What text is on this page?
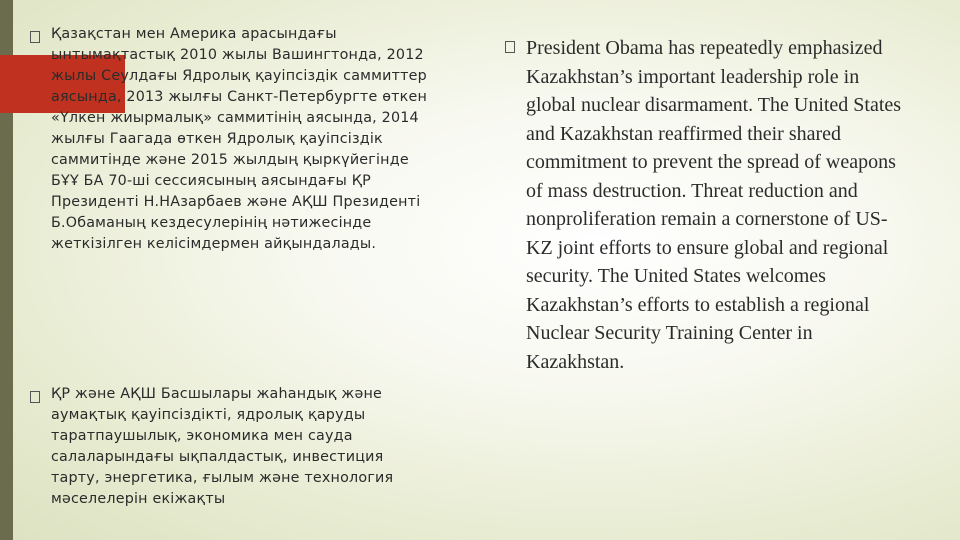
Қазақстан мен Америка арасындағы ынтымақтастық 2010 жылы Вашингтонда, 2012 жылы Сеулдағы Ядролық қауіпсіздік саммиттер аясында, 2013 жылғы Санкт-Петербургте өткен «Үлкен жиырмалық» саммитінің аясында, 2014 жылғы Гаагада өткен Ядролық қауіпсіздік саммитінде және 2015 жылдың қыркүйегінде БҰҰ БА 70-ші сессиясының аясындағы ҚР Президенті Н.НАзарбаев және АҚШ Президенті Б.Обаманың кездесулерінің нәтижесінде жеткізілген келісімдермен айқындалады.
ҚР және АҚШ Басшылары жаһандық және аумақтық қауіпсіздікті, ядролық қаруды таратпаушылық, экономика мен сауда салаларындағы ықпалдастық, инвестиция тарту, энергетика, ғылым және технология мәселелерін екіжақты
President Obama has repeatedly emphasized Kazakhstan’s important leadership role in global nuclear disarmament. The United States and Kazakhstan reaffirmed their shared commitment to prevent the spread of weapons of mass destruction. Threat reduction and nonproliferation remain a cornerstone of US-KZ joint efforts to ensure global and regional security. The United States welcomes Kazakhstan’s efforts to establish a regional Nuclear Security Training Center in Kazakhstan.
